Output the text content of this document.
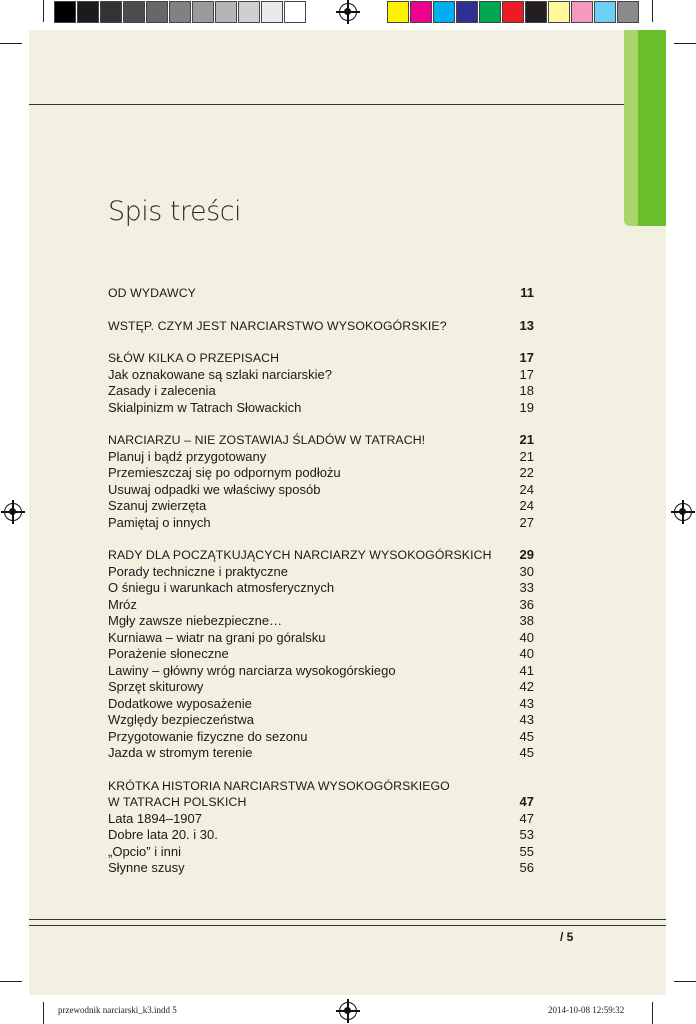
Spis treści
OD WYDAWCY	11
WSTĘP. CZYM JEST NARCIARSTWO WYSOKOGÓRSKIE?	13
SŁÓW KILKA O PRZEPISACH	17
Jak oznakowane są szlaki narciarskie?	17
Zasady i zalecenia	18
Skialpinizm w Tatrach Słowackich	19
NARCIARZU – NIE ZOSTAWIAJ ŚLADÓW W TATRACH!	21
Planuj i bądź przygotowany	21
Przemieszczaj się po odpornym podłożu	22
Usuwaj odpadki we właściwy sposób	24
Szanuj zwierzęta	24
Pamiętaj o innych	27
RADY DLA POCZĄTKUJĄCYCH NARCIARZY WYSOKOGÓRSKICH 29
Porady techniczne i praktyczne	30
O śniegu i warunkach atmosferycznych	33
Mróz	36
Mgły zawsze niebezpieczne…	38
Kurniawa – wiatr na grani po góralsku	40
Porażenie słoneczne	40
Lawiny – główny wróg narciarza wysokogórskiego	41
Sprzęt skiturowy	42
Dodatkowe wyposażenie	43
Względy bezpieczeństwa	43
Przygotowanie fizyczne do sezonu	45
Jazda w stromym terenie	45
KRÓTKA HISTORIA NARCIARSTWA WYSOKOGÓRSKIEGO
W TATRACH POLSKICH	47
Lata 1894–1907	47
Dobre lata 20. i 30.	53
„Opcio” i inni	55
Słynne szusy	56
/ 5
przewodnik narciarski_k3.indd 5	2014-10-08 12:59:32
